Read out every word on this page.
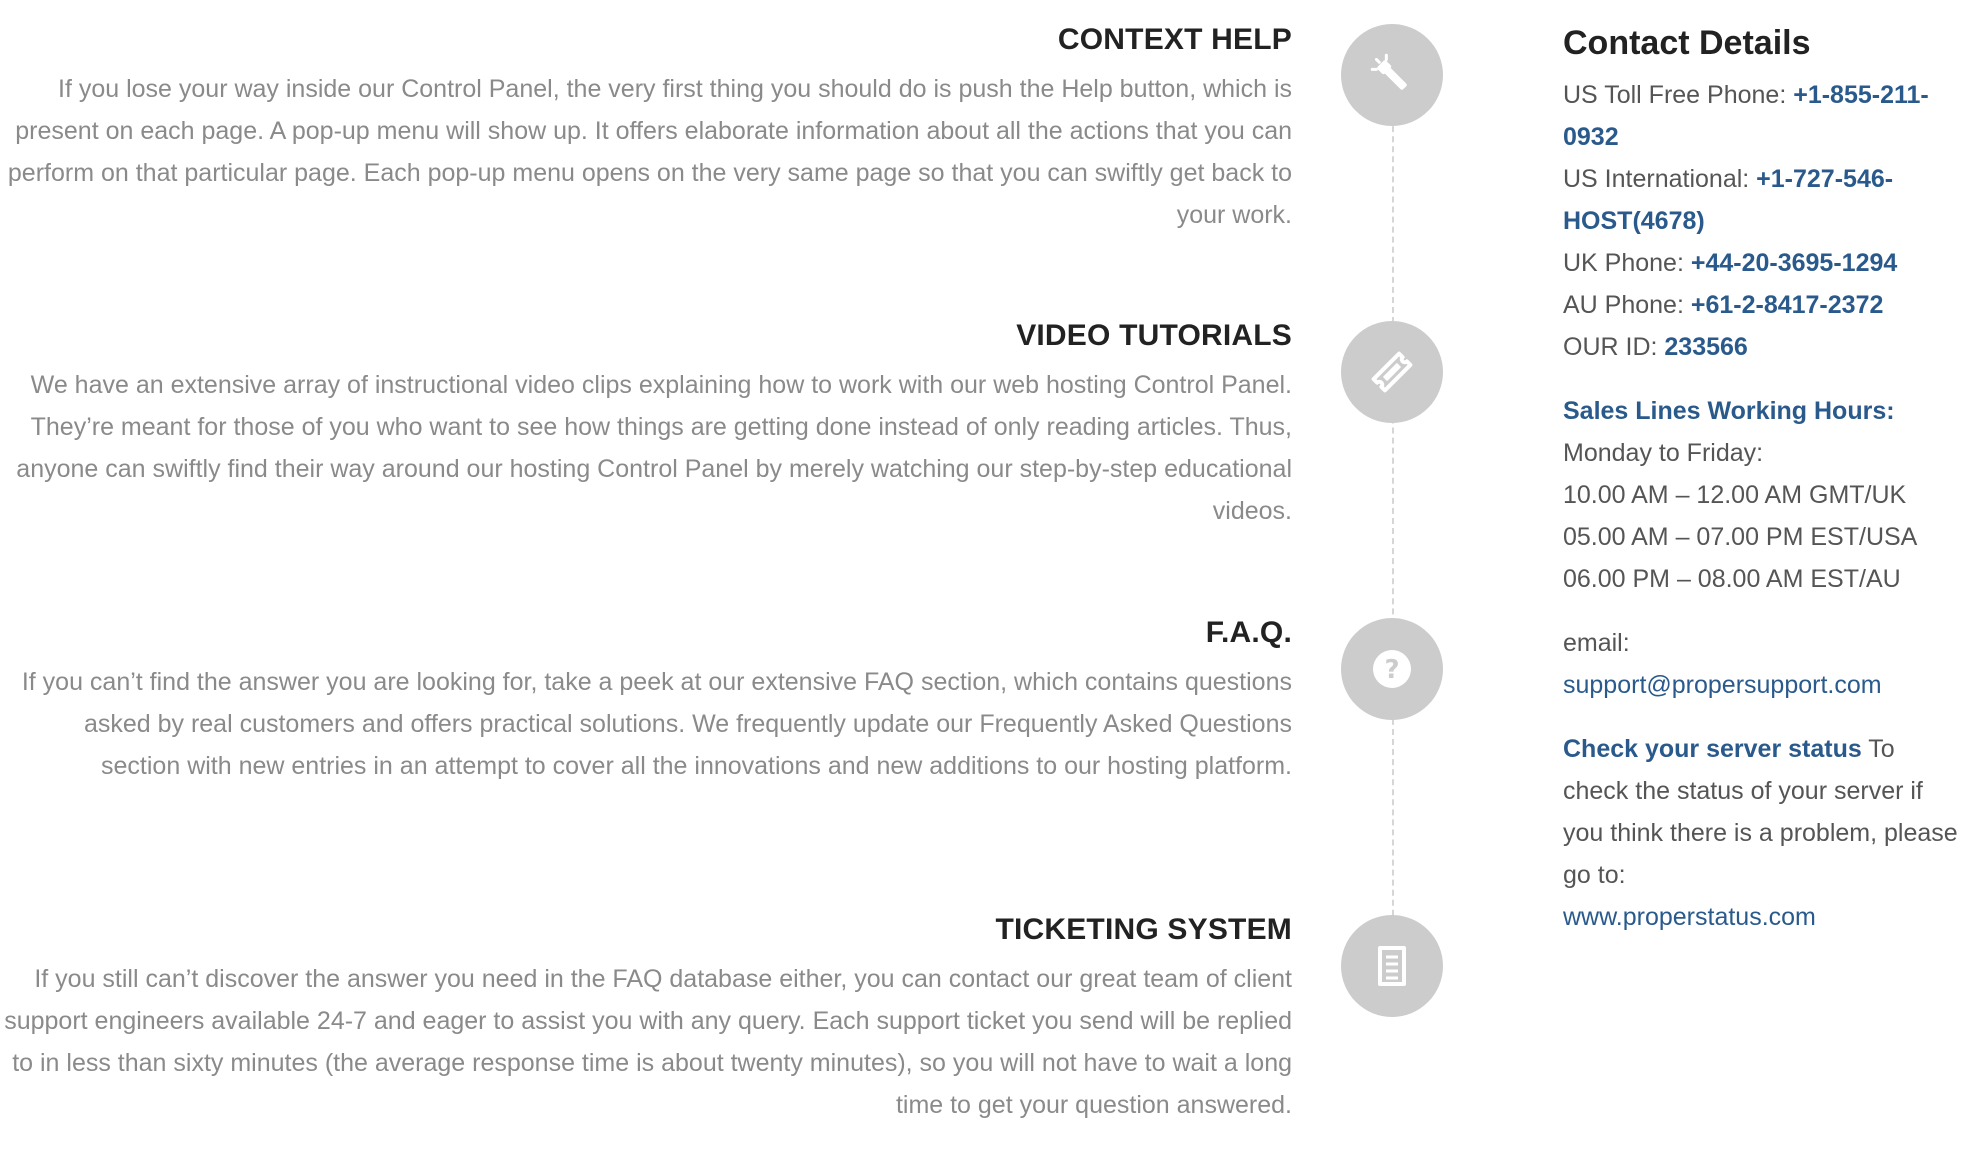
CONTEXT HELP

If you lose your way inside our Control Panel, the very first thing you should do is push the Help button, which is present on each page. A pop-up menu will show up. It offers elaborate information about all the actions that you can perform on that particular page. Each pop-up menu opens on the very same page so that you can swiftly get back to your work.

VIDEO TUTORIALS

We have an extensive array of instructional video clips explaining how to work with our web hosting Control Panel. They’re meant for those of you who want to see how things are getting done instead of only reading articles. Thus, anyone can swiftly find their way around our hosting Control Panel by merely watching our step-by-step educational videos.

F.A.Q.

If you can’t find the answer you are looking for, take a peek at our extensive FAQ section, which contains questions asked by real customers and offers practical solutions. We frequently update our Frequently Asked Questions section with new entries in an attempt to cover all the innovations and new additions to our hosting platform.

TICKETING SYSTEM

If you still can’t discover the answer you need in the FAQ database either, you can contact our great team of client support engineers available 24-7 and eager to assist you with any query. Each support ticket you send will be replied to in less than sixty minutes (the average response time is about twenty minutes), so you will not have to wait a long time to get your question answered.

?
Contact Details
US Toll Free Phone: +1-855-211-0932
US International: +1-727-546-HOST(4678)
UK Phone: +44-20-3695-1294
AU Phone: +61-2-8417-2372
OUR ID: 233566
Sales Lines Working Hours:
Monday to Friday:
10.00 AM – 12.00 AM GMT/UK
05.00 AM – 07.00 PM EST/USA
06.00 PM – 08.00 AM EST/AU
email:
support@propersupport.com
Check your server status To check the status of your server if you think there is a problem, please go to:
www.properstatus.com
